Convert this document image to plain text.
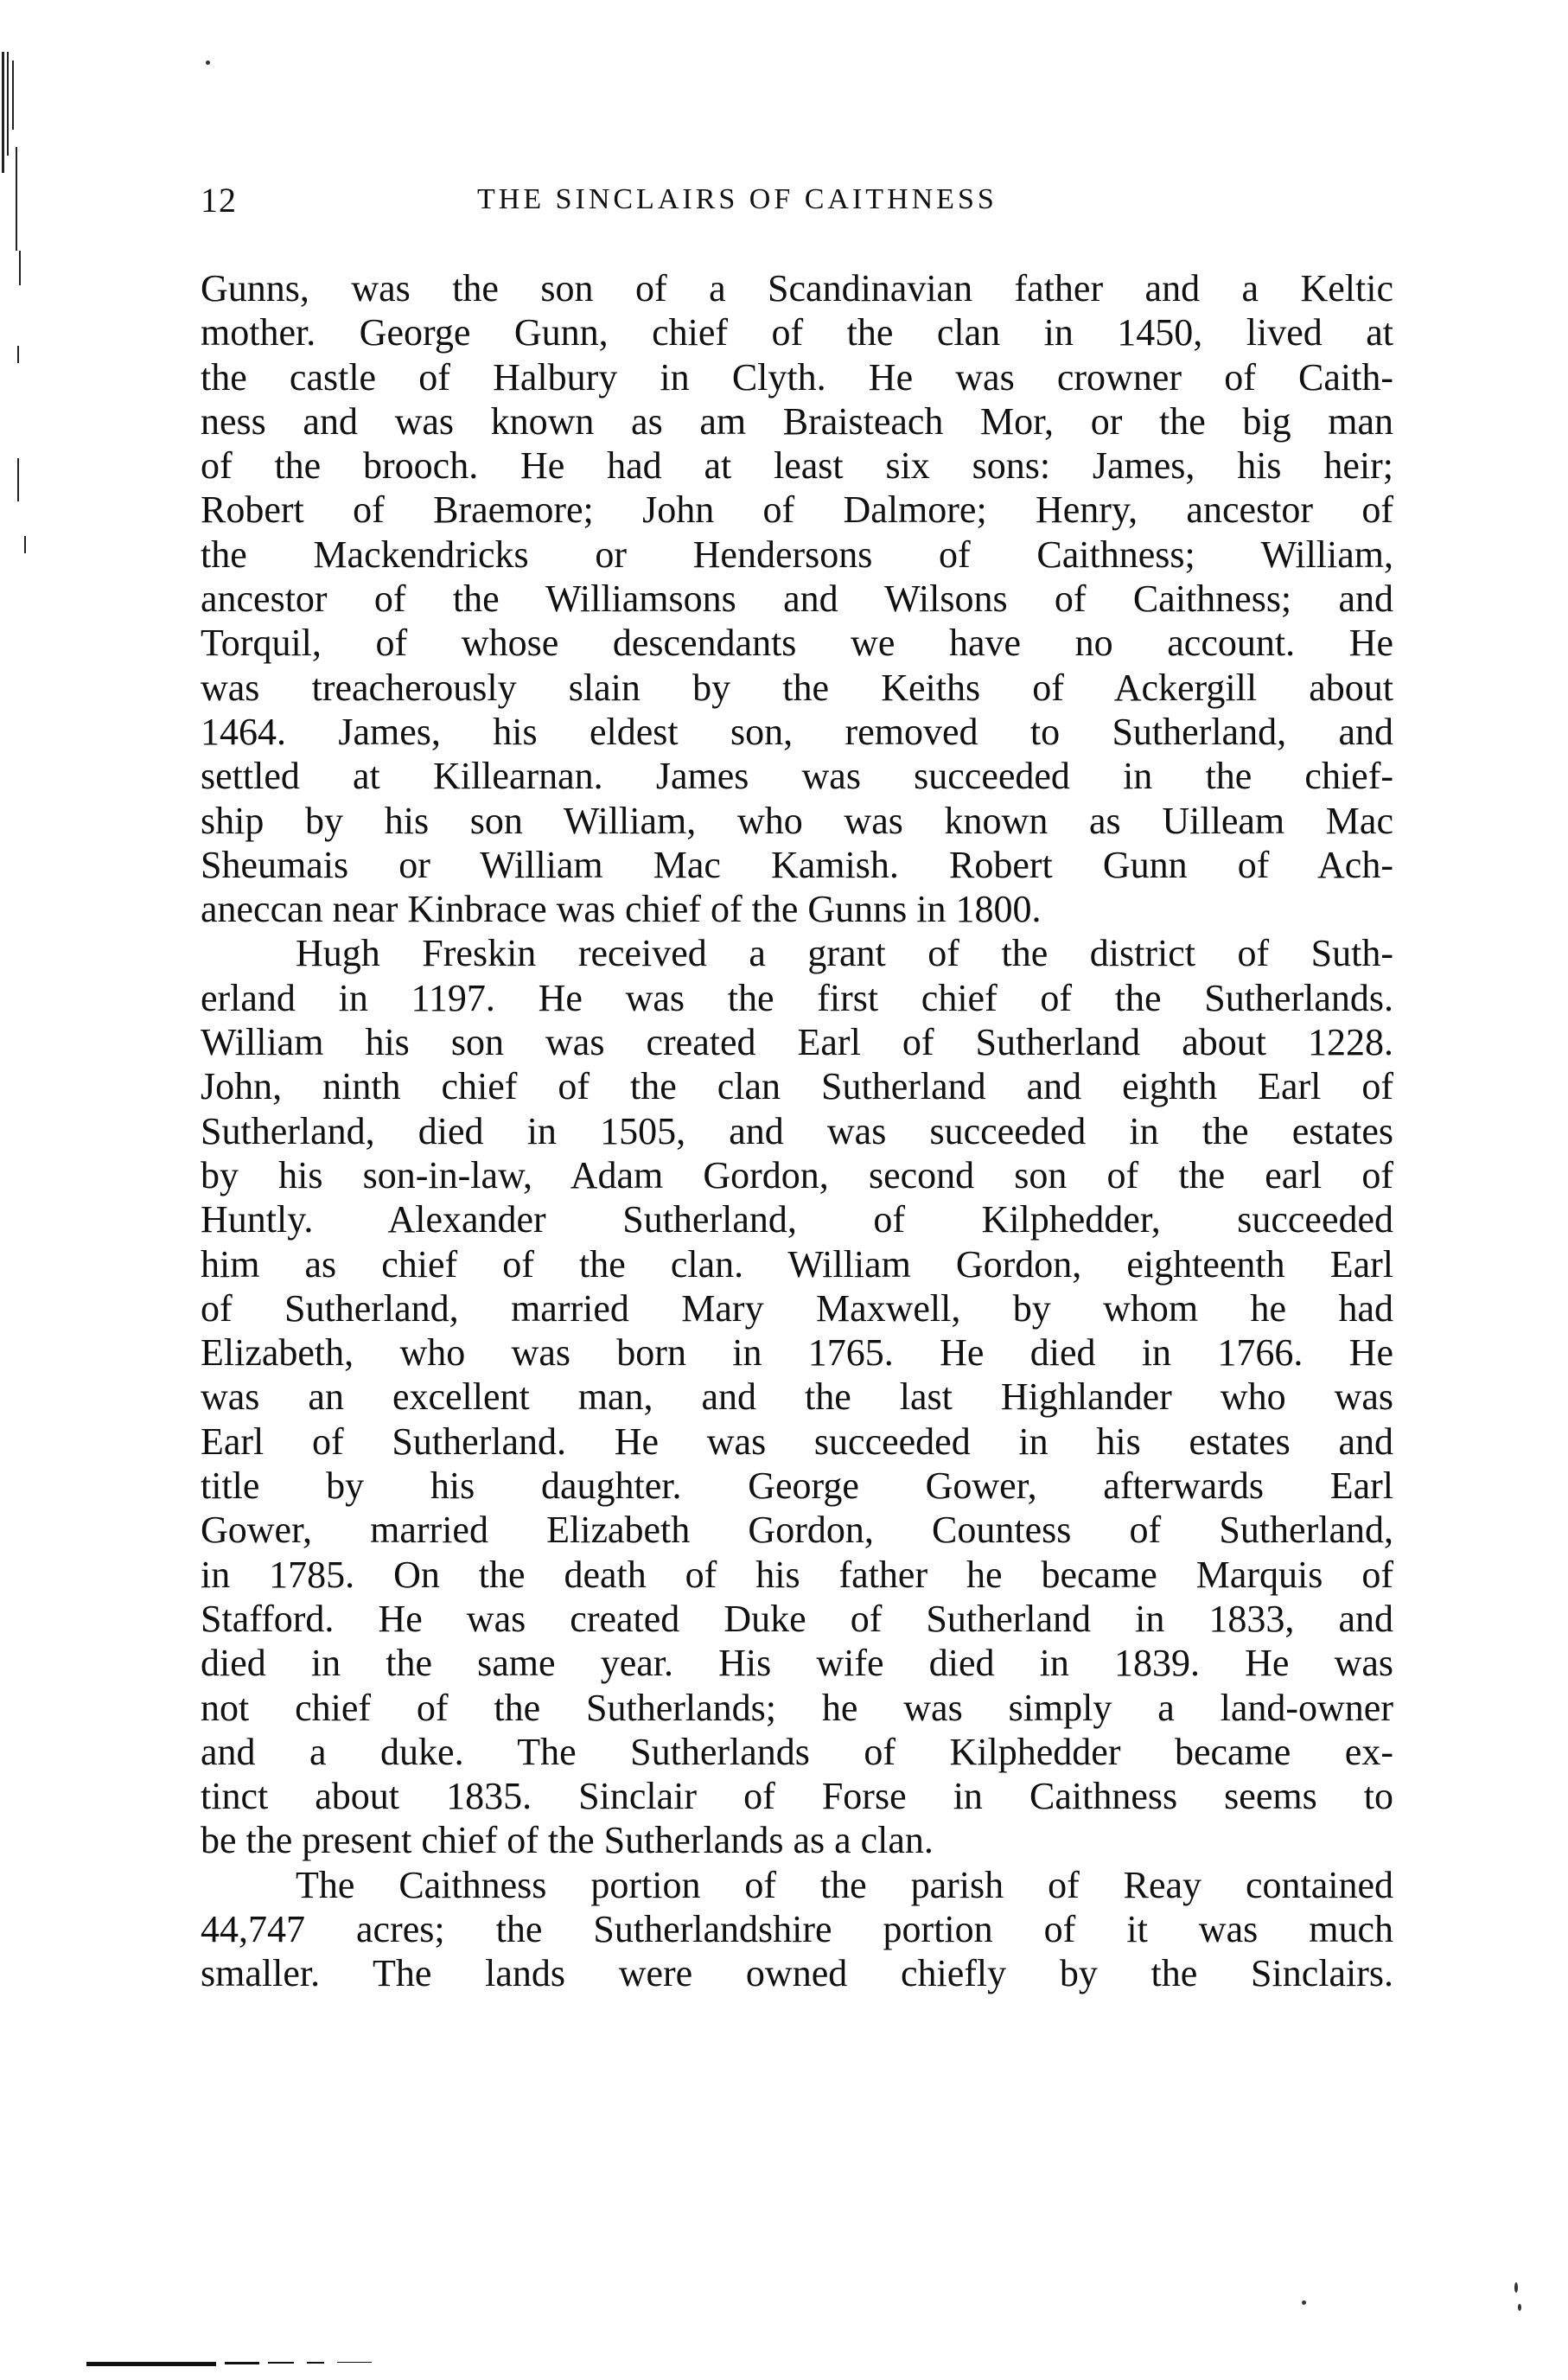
12	THE SINCLAIRS OF CAITHNESS
Gunns, was the son of a Scandinavian father and a Keltic
mother. George Gunn, chief of the clan in 1450, lived at
the castle of Halbury in Clyth. He was crowner of Caith-
ness and was known as am Braisteach Mor, or the big man
of the brooch. He had at least six sons: James, his heir;
Robert of Braemore; John of Dalmore; Henry, ancestor of
the Mackendricks or Hendersons of Caithness; William,
ancestor of the Williamsons and Wilsons of Caithness; and
Torquil, of whose descendants we have no account. He
was treacherously slain by the Keiths of Ackergill about
1464. James, his eldest son, removed to Sutherland, and
settled at Killearnan. James was succeeded in the chief-
ship by his son William, who was known as Uilleam Mac
Sheumais or William Mac Kamish. Robert Gunn of Ach-
aneccan near Kinbrace was chief of the Gunns in 1800.
Hugh Freskin received a grant of the district of Suth-
erland in 1197. He was the first chief of the Sutherlands.
William his son was created Earl of Sutherland about 1228.
John, ninth chief of the clan Sutherland and eighth Earl of
Sutherland, died in 1505, and was succeeded in the estates
by his son-in-law, Adam Gordon, second son of the earl of
Huntly. Alexander Sutherland, of Kilphedder, succeeded
him as chief of the clan. William Gordon, eighteenth Earl
of Sutherland, married Mary Maxwell, by whom he had
Elizabeth, who was born in 1765. He died in 1766. He
was an excellent man, and the last Highlander who was
Earl of Sutherland. He was succeeded in his estates and
title by his daughter. George Gower, afterwards Earl
Gower, married Elizabeth Gordon, Countess of Sutherland,
in 1785. On the death of his father he became Marquis of
Stafford. He was created Duke of Sutherland in 1833, and
died in the same year. His wife died in 1839. He was
not chief of the Sutherlands; he was simply a land-owner
and a duke. The Sutherlands of Kilphedder became ex-
tinct about 1835. Sinclair of Forse in Caithness seems to
be the present chief of the Sutherlands as a clan.
The Caithness portion of the parish of Reay contained
44,747 acres; the Sutherlandshire portion of it was much
smaller. The lands were owned chiefly by the Sinclairs.
